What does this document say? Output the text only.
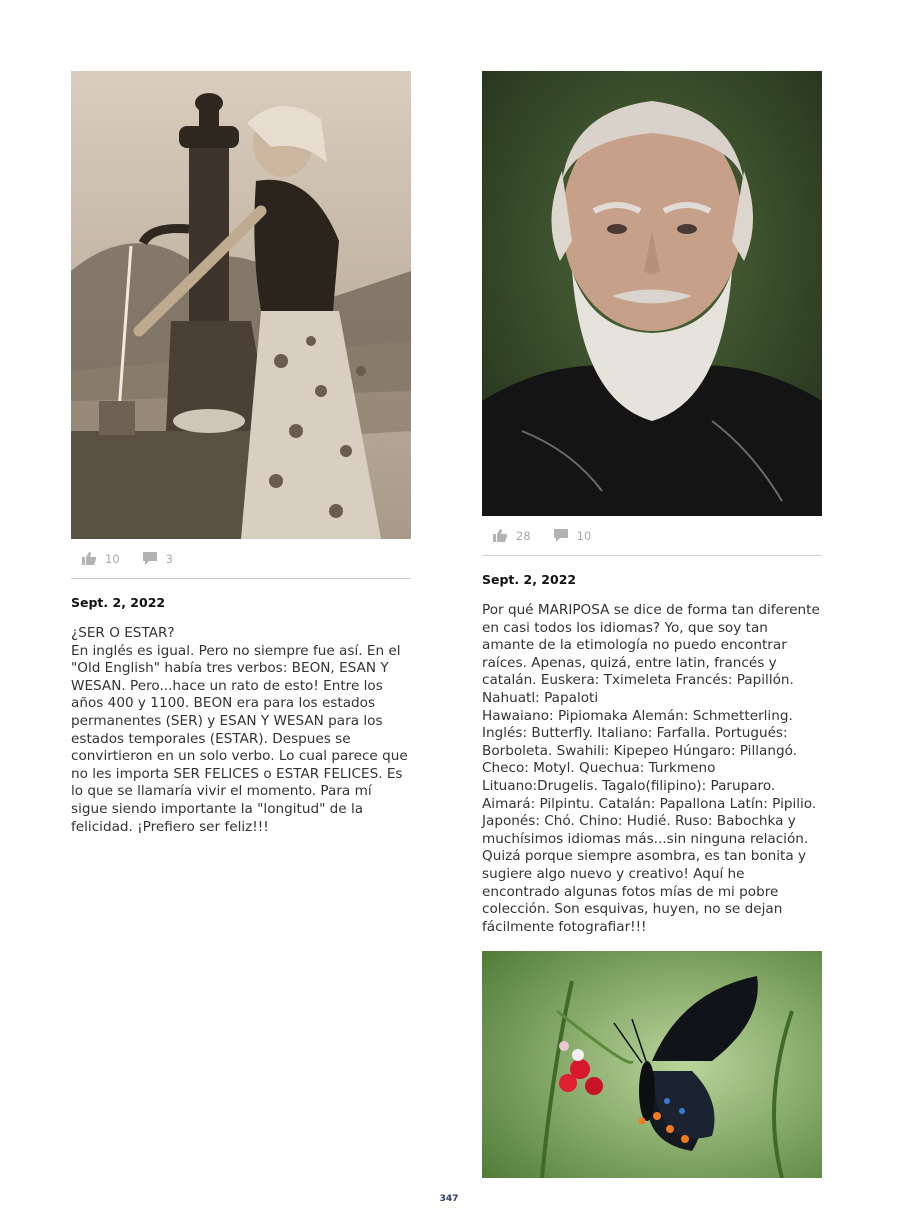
10	3
Sept. 2, 2022
¿SER O ESTAR?
En inglés es igual. Pero no siempre fue así. En el "Old English" había tres verbos: BEON, ESAN Y WESAN. Pero...hace un rato de esto! Entre los años 400 y 1100. BEON era para los estados permanentes (SER) y ESAN Y WESAN para los estados temporales (ESTAR). Despues se convirtieron en un solo verbo. Lo cual parece que no les importa SER FELICES o ESTAR FELICES. Es lo que se llamaría vivir el momento. Para mí sigue siendo importante la "longitud" de la felicidad. ¡Prefiero ser feliz!!!
28	10
Sept. 2, 2022
Por qué MARIPOSA se dice de forma tan diferente en casi todos los idiomas? Yo, que soy tan amante de la etimología no puedo encontrar raíces. Apenas, quizá, entre latin, francés y catalán. Euskera: Tximeleta Francés: Papillón. Nahuatl: Papaloti
Hawaiano: Pipiomaka Alemán: Schmetterling. Inglés: Butterfly. Italiano: Farfalla. Portugués: Borboleta. Swahili: Kipepeo Húngaro: Pillangó. Checo: Motyl. Quechua: Turkmeno Lituano:Drugelis. Tagalo(filipino): Paruparo. Aimará: Pilpintu. Catalán: Papallona Latín: Pipilio. Japonés: Chó. Chino: Hudié. Ruso: Babochka y muchísimos idiomas más...sin ninguna relación. Quizá porque siempre asombra, es tan bonita y sugiere algo nuevo y creativo! Aquí he encontrado algunas fotos mías de mi pobre colección. Son esquivas, huyen, no se dejan fácilmente fotografiar!!!
347
